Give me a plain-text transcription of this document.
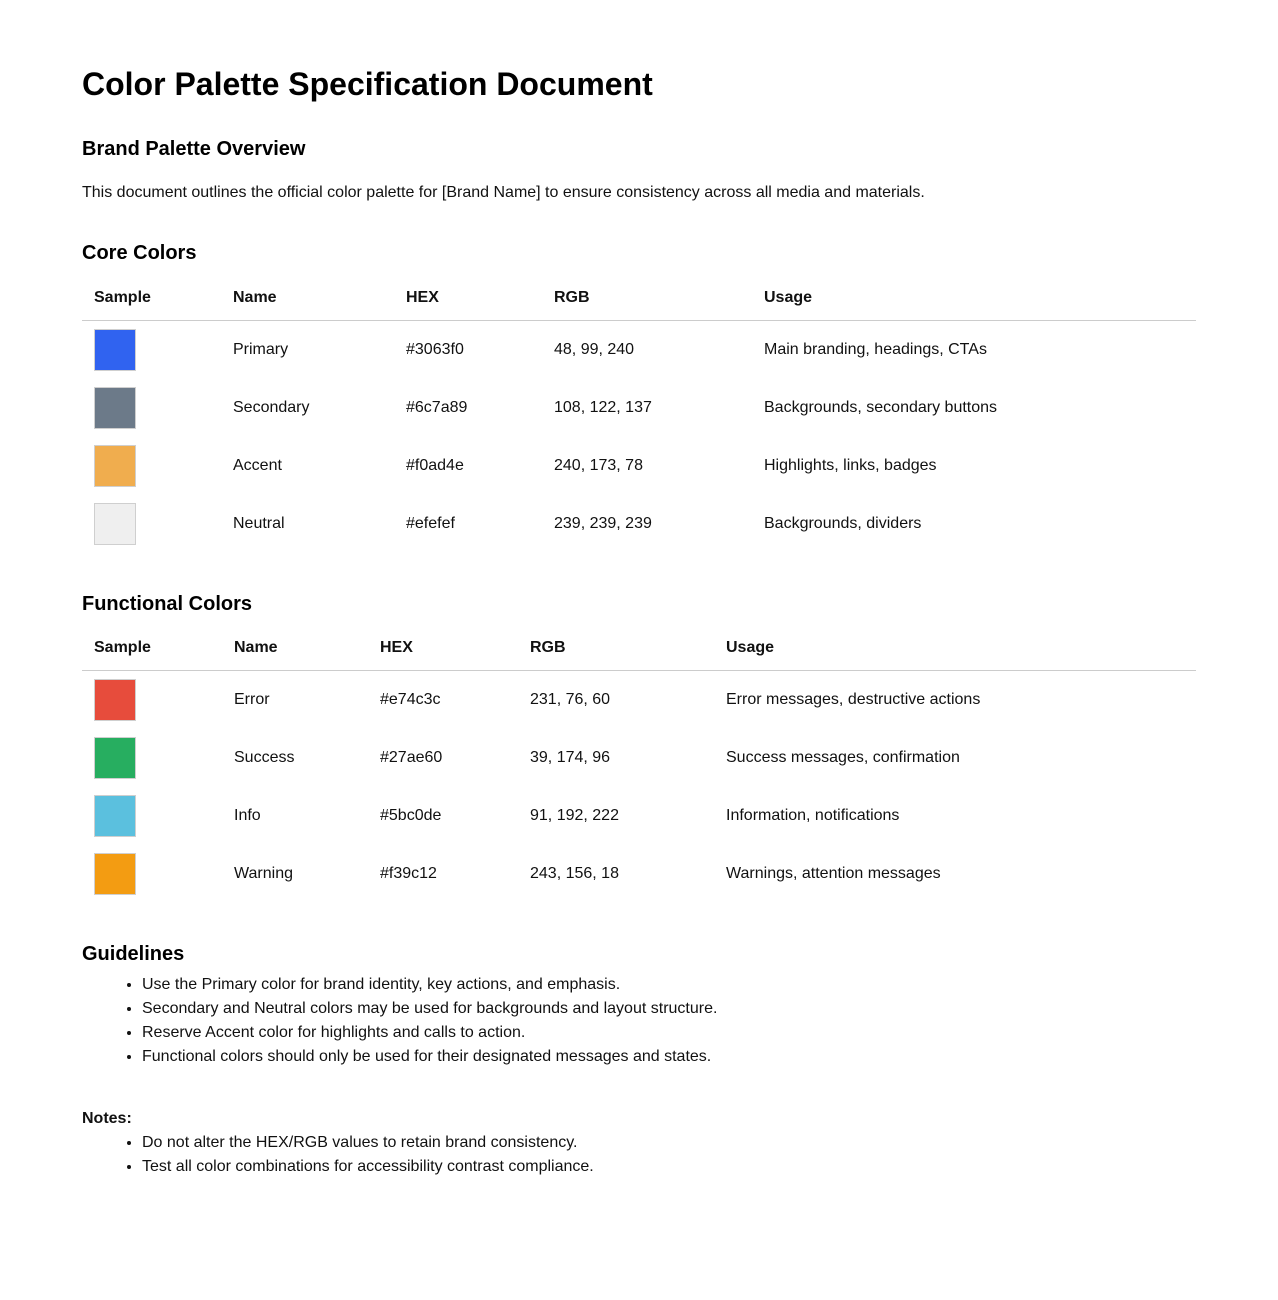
Color Palette Specification Document
Brand Palette Overview

This document outlines the official color palette for [Brand Name] to ensure consistency across all media and materials.

Core Colors
Sample	Name	HEX	RGB	Usage

	Primary	#3063f0	48, 99, 240	Main branding, headings, CTAs

	Secondary	#6c7a89	108, 122, 137	Backgrounds, secondary buttons

	Accent	#f0ad4e	240, 173, 78	Highlights, links, badges

	Neutral	#efefef	239, 239, 239	Backgrounds, dividers
Functional Colors
Sample	Name	HEX	RGB	Usage

	Error	#e74c3c	231, 76, 60	Error messages, destructive actions

	Success	#27ae60	39, 174, 96	Success messages, confirmation

	Info	#5bc0de	91, 192, 222	Information, notifications

	Warning	#f39c12	243, 156, 18	Warnings, attention messages
Guidelines
• Use the Primary color for brand identity, key actions, and emphasis.
• Secondary and Neutral colors may be used for backgrounds and layout structure.
• Reserve Accent color for highlights and calls to action.
• Functional colors should only be used for their designated messages and states.
Notes:
• Do not alter the HEX/RGB values to retain brand consistency.
• Test all color combinations for accessibility contrast compliance.
